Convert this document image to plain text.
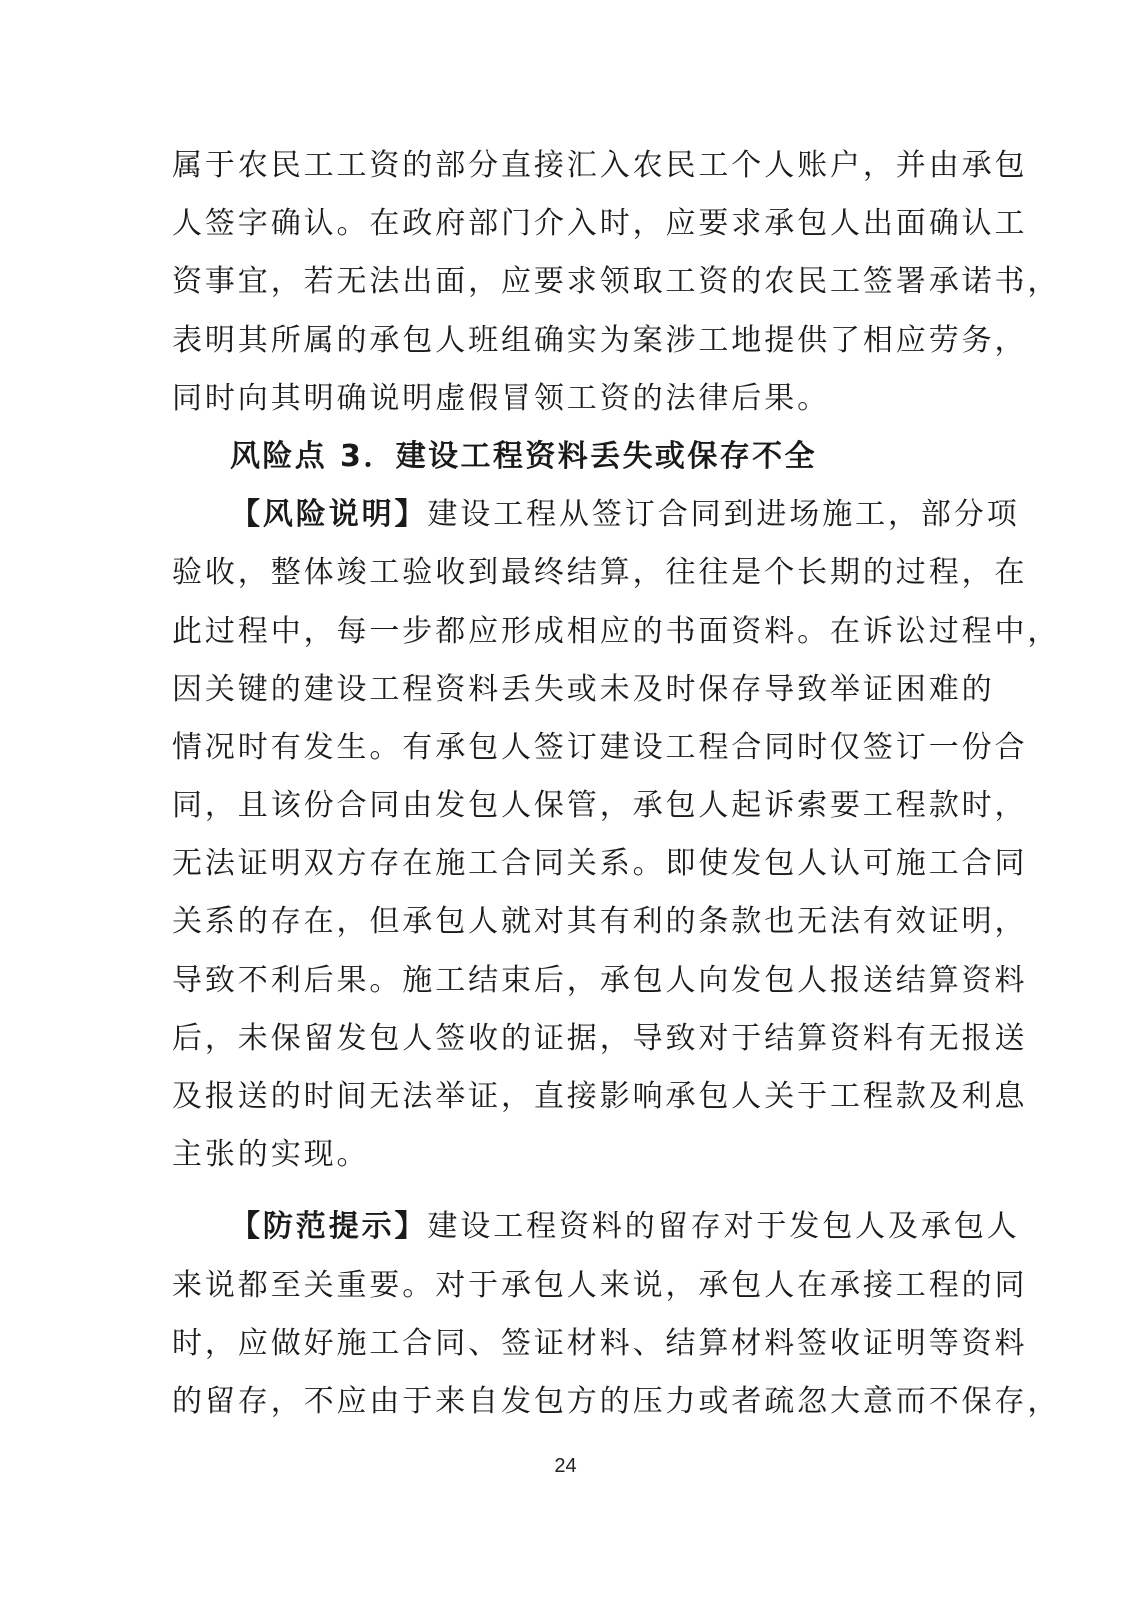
属于农民工工资的部分直接汇入农民工个人账户，并由承包
人签字确认。在政府部门介入时，应要求承包人出面确认工
资事宜，若无法出面，应要求领取工资的农民工签署承诺书，
表明其所属的承包人班组确实为案涉工地提供了相应劳务，
同时向其明确说明虚假冒领工资的法律后果。
风险点 3．建设工程资料丢失或保存不全
【风险说明】建设工程从签订合同到进场施工，部分项
验收，整体竣工验收到最终结算，往往是个长期的过程，在
此过程中，每一步都应形成相应的书面资料。在诉讼过程中，
因关键的建设工程资料丢失或未及时保存导致举证困难的
情况时有发生。有承包人签订建设工程合同时仅签订一份合
同，且该份合同由发包人保管，承包人起诉索要工程款时，
无法证明双方存在施工合同关系。即使发包人认可施工合同
关系的存在，但承包人就对其有利的条款也无法有效证明，
导致不利后果。施工结束后，承包人向发包人报送结算资料
后，未保留发包人签收的证据，导致对于结算资料有无报送
及报送的时间无法举证，直接影响承包人关于工程款及利息
主张的实现。
【防范提示】建设工程资料的留存对于发包人及承包人
来说都至关重要。对于承包人来说，承包人在承接工程的同
时，应做好施工合同、签证材料、结算材料签收证明等资料
的留存，不应由于来自发包方的压力或者疏忽大意而不保存，
24
